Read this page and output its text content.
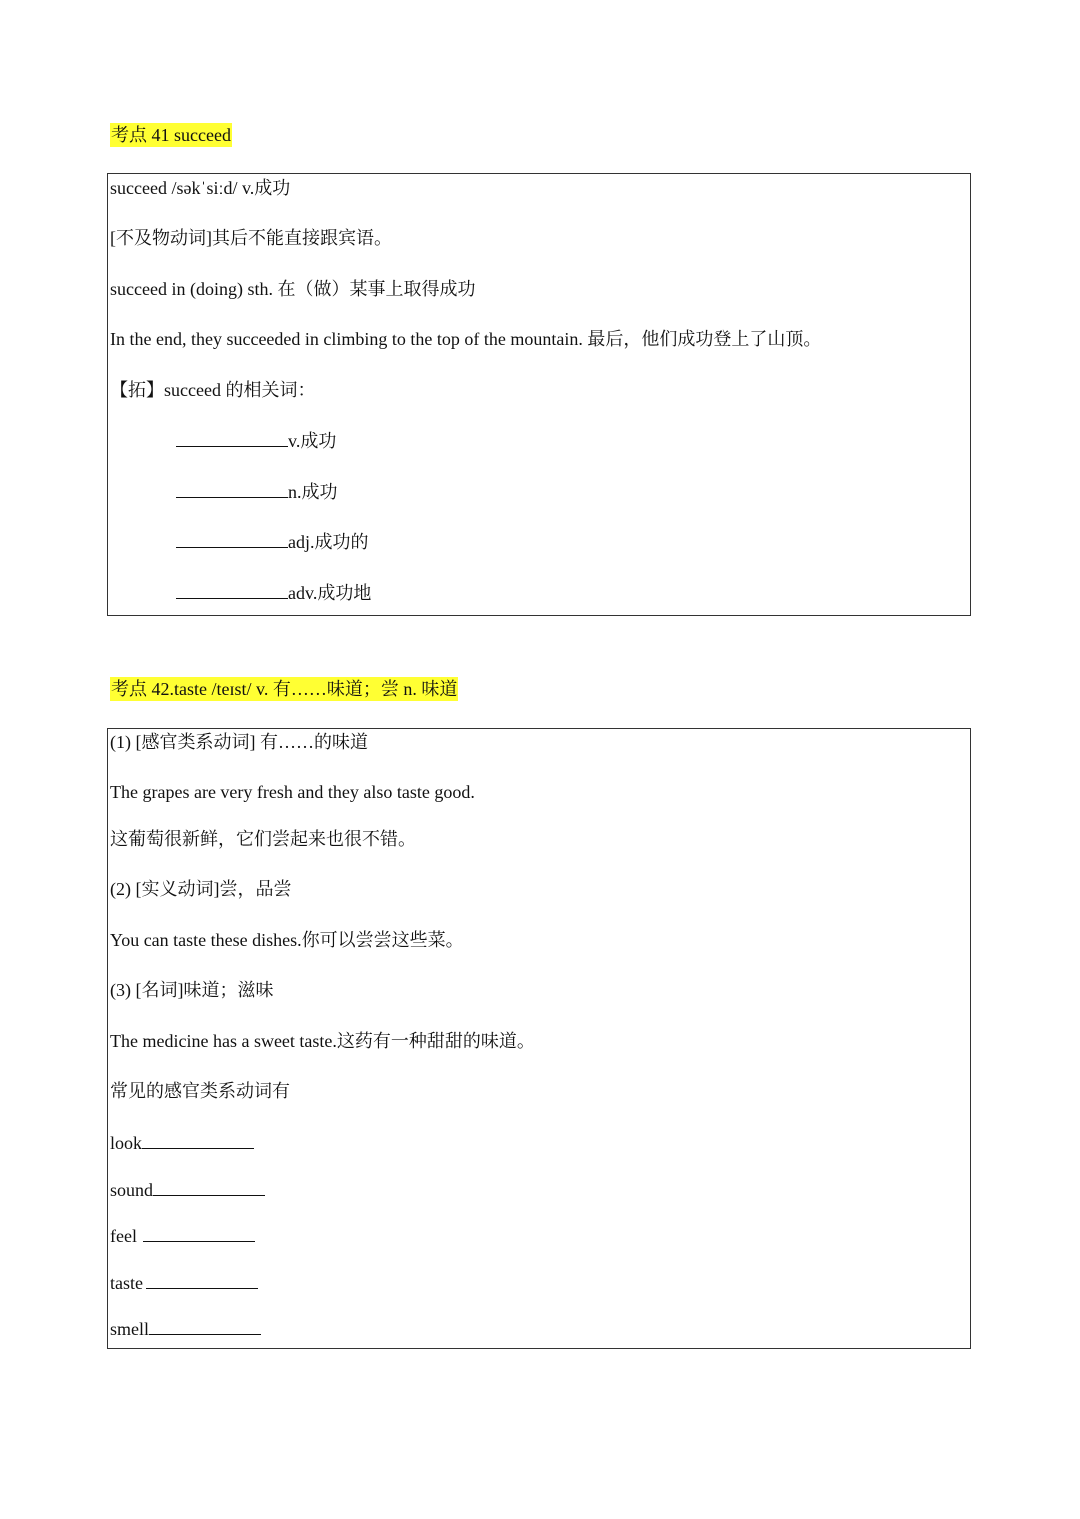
考点 41 succeed
succeed /səkˈsiːd/ v.成功
[不及物动词]其后不能直接跟宾语。
succeed in (doing) sth. 在（做）某事上取得成功
In the end, they succeeded in climbing to the top of the mountain. 最后，他们成功登上了山顶。
【拓】succeed 的相关词：
v.成功
n.成功
adj.成功的
adv.成功地
考点 42.taste /teɪst/ v. 有……味道；尝 n. 味道
(1) [感官类系动词] 有……的味道
The grapes are very fresh and they also taste good.
这葡萄很新鲜，它们尝起来也很不错。
(2) [实义动词]尝，品尝
You can taste these dishes.你可以尝尝这些菜。
(3) [名词]味道；滋味
The medicine has a sweet taste.这药有一种甜甜的味道。
常见的感官类系动词有
look
sound
feel
taste
smell
